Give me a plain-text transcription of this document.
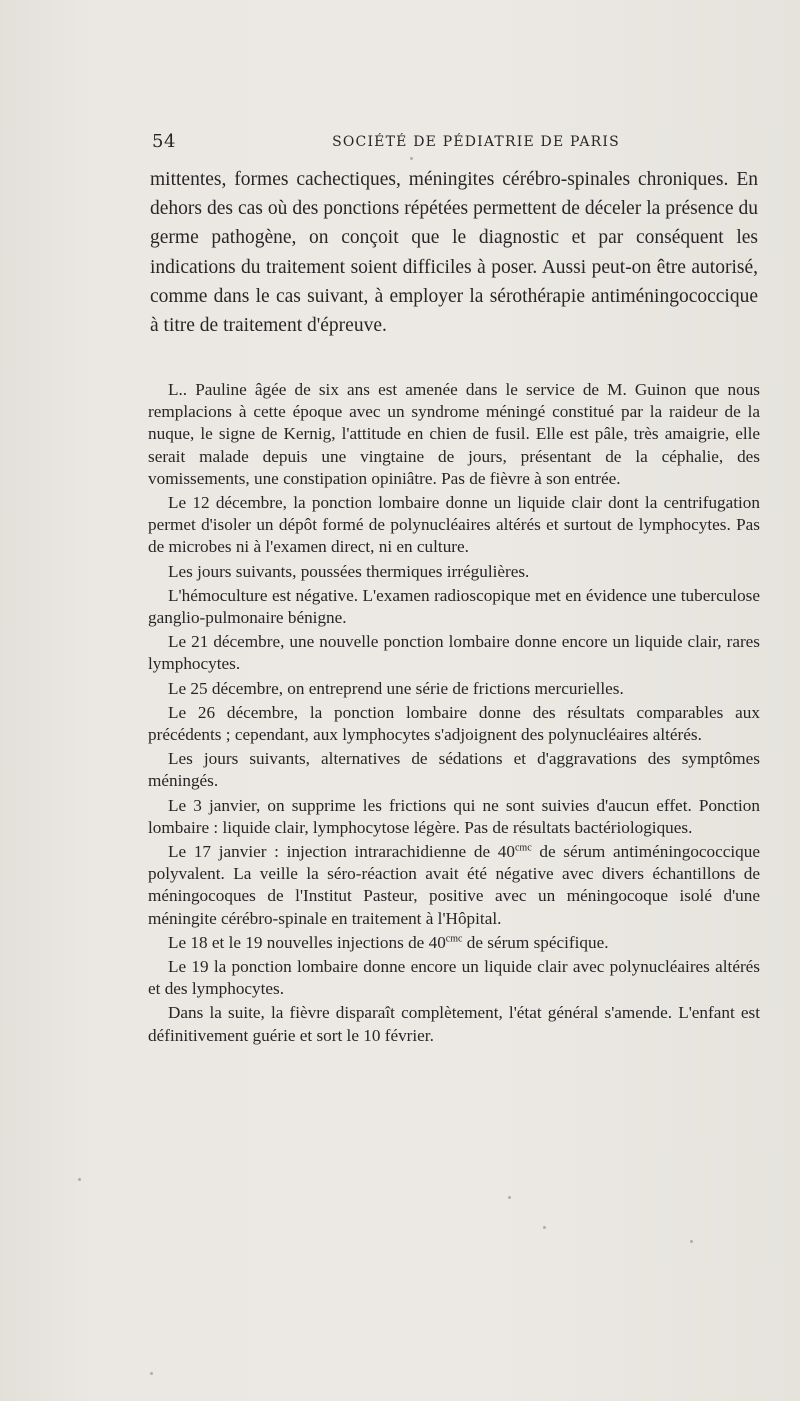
54	SOCIÉTÉ DE PÉDIATRIE DE PARIS

mittentes, formes cachectiques, méningites cérébro-spinales chroniques. En dehors des cas où des ponctions répétées permettent de déceler la présence du germe pathogène, on conçoit que le diagnostic et par conséquent les indications du traitement soient difficiles à poser. Aussi peut-on être autorisé, comme dans le cas suivant, à employer la sérothérapie antiméningococcique à titre de traitement d'épreuve.

L.. Pauline âgée de six ans est amenée dans le service de M. Guinon que nous remplacions à cette époque avec un syndrome méningé constitué par la raideur de la nuque, le signe de Kernig, l'attitude en chien de fusil. Elle est pâle, très amaigrie, elle serait malade depuis une vingtaine de jours, présentant de la céphalie, des vomissements, une constipation opiniâtre. Pas de fièvre à son entrée.

Le 12 décembre, la ponction lombaire donne un liquide clair dont la centrifugation permet d'isoler un dépôt formé de polynucléaires altérés et surtout de lymphocytes. Pas de microbes ni à l'examen direct, ni en culture.

Les jours suivants, poussées thermiques irrégulières.

L'hémoculture est négative. L'examen radioscopique met en évidence une tuberculose ganglio-pulmonaire bénigne.

Le 21 décembre, une nouvelle ponction lombaire donne encore un liquide clair, rares lymphocytes.

Le 25 décembre, on entreprend une série de frictions mercurielles.

Le 26 décembre, la ponction lombaire donne des résultats comparables aux précédents ; cependant, aux lymphocytes s'adjoignent des polynucléaires altérés.

Les jours suivants, alternatives de sédations et d'aggravations des symptômes méningés.

Le 3 janvier, on supprime les frictions qui ne sont suivies d'aucun effet. Ponction lombaire : liquide clair, lymphocytose légère. Pas de résultats bactériologiques.

Le 17 janvier : injection intrarachidienne de $40^{cmc}$ de sérum antiméningococcique polyvalent. La veille la séro-réaction avait été négative avec divers échantillons de méningocoques de l'Institut Pasteur, positive avec un méningocoque isolé d'une méningite cérébro-spinale en traitement à l'Hôpital.

Le 18 et le 19 nouvelles injections de $40^{cmc}$ de sérum spécifique.

Le 19 la ponction lombaire donne encore un liquide clair avec polynucléaires altérés et des lymphocytes.

Dans la suite, la fièvre disparaît complètement, l'état général s'amende. L'enfant est définitivement guérie et sort le 10 février.
